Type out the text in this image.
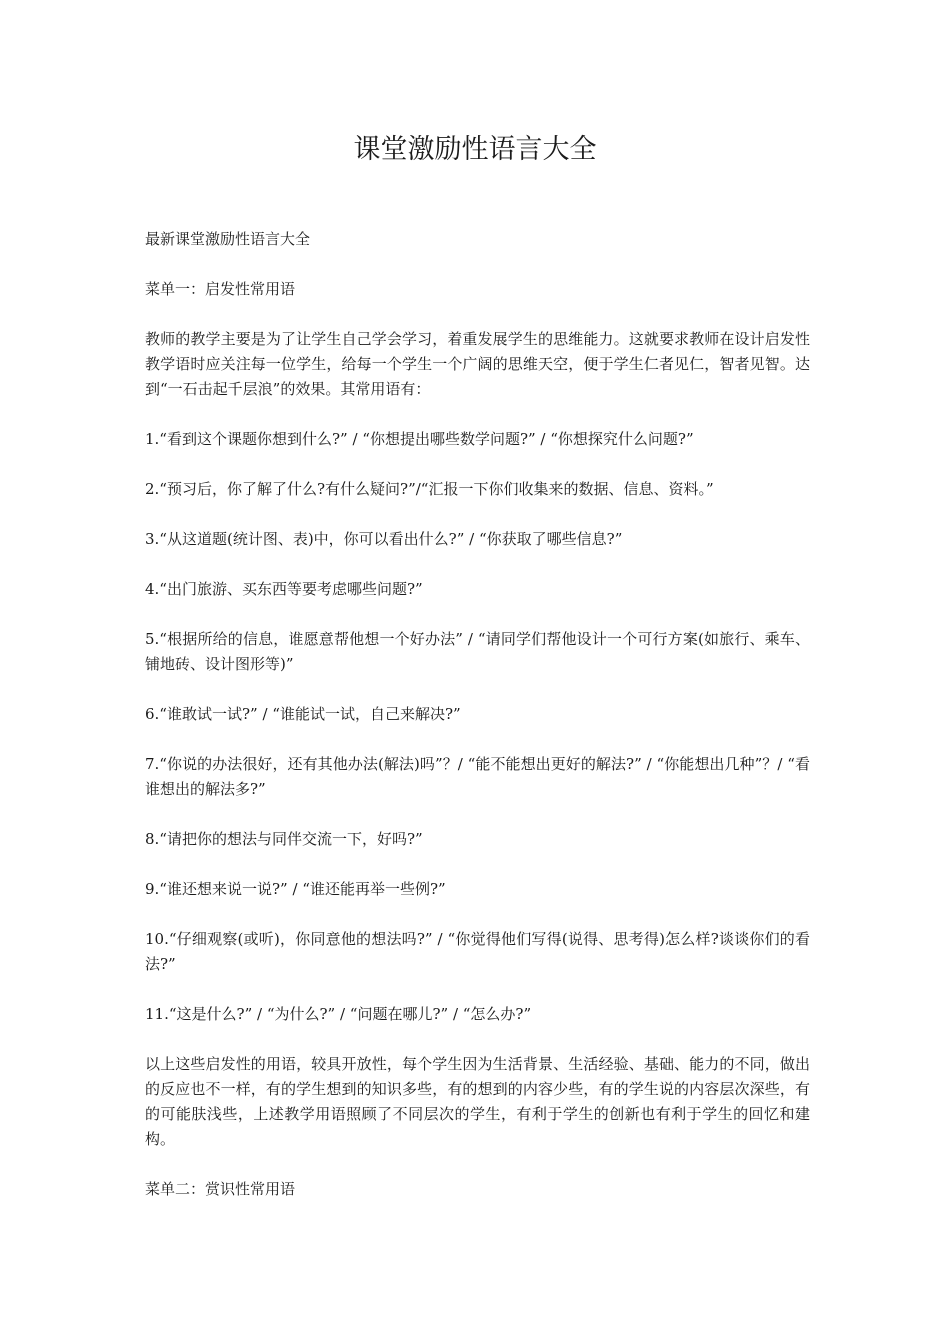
课堂激励性语言大全

最新课堂激励性语言大全

菜单一：启发性常用语

教师的教学主要是为了让学生自己学会学习，着重发展学生的思维能力。这就要求教师在设计启发性教学语时应关注每一位学生，给每一个学生一个广阔的思维天空，便于学生仁者见仁，智者见智。达到“一石击起千层浪”的效果。其常用语有：

1.“看到这个课题你想到什么?” / “你想提出哪些数学问题?” / “你想探究什么问题?”

2.“预习后，你了解了什么?有什么疑问?”/“汇报一下你们收集来的数据、信息、资料。”

3.“从这道题(统计图、表)中，你可以看出什么?” / “你获取了哪些信息?”

4.“出门旅游、买东西等要考虑哪些问题?”

5.“根据所给的信息，谁愿意帮他想一个好办法” / “请同学们帮他设计一个可行方案(如旅行、乘车、铺地砖、设计图形等)”

6.“谁敢试一试?” / “谁能试一试，自己来解决?”

7.“你说的办法很好，还有其他办法(解法)吗”？/ “能不能想出更好的解法?” / “你能想出几种”？/ “看谁想出的解法多?”

8.“请把你的想法与同伴交流一下，好吗?”

9.“谁还想来说一说?” / “谁还能再举一些例?”

10.“仔细观察(或听)，你同意他的想法吗?” / “你觉得他们写得(说得、思考得)怎么样?谈谈你们的看法?”

11.“这是什么?” / “为什么?” / “问题在哪儿?” / “怎么办?”

以上这些启发性的用语，较具开放性，每个学生因为生活背景、生活经验、基础、能力的不同，做出的反应也不一样，有的学生想到的知识多些，有的想到的内容少些，有的学生说的内容层次深些，有的可能肤浅些，上述教学用语照顾了不同层次的学生，有利于学生的创新也有利于学生的回忆和建构。

菜单二：赏识性常用语
